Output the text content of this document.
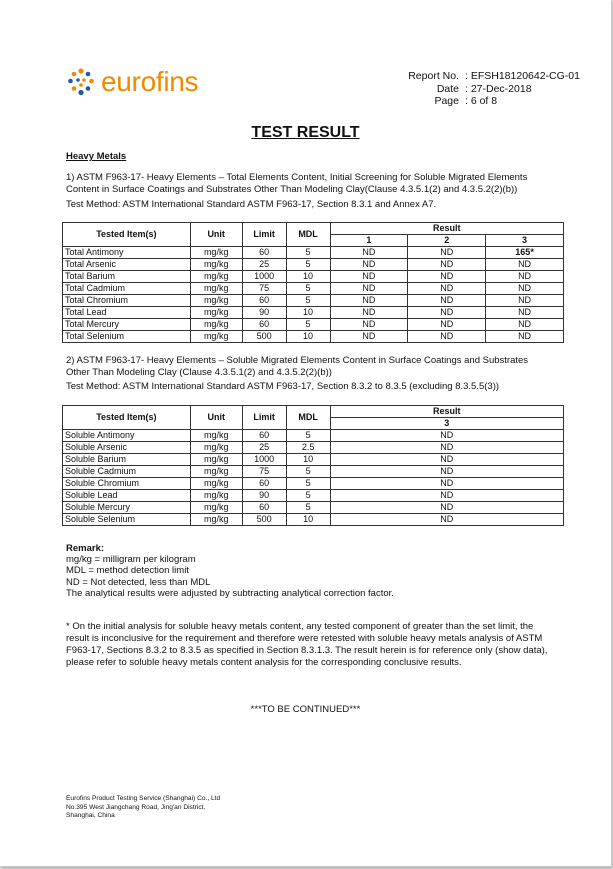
eurofins	Report No. : EFSH18120642-CG-01
Date : 27-Dec-2018
Page : 6 of 8
TEST RESULT
Heavy Metals
1) ASTM F963-17- Heavy Elements – Total Elements Content, Initial Screening for Soluble Migrated Elements
Content in Surface Coatings and Substrates Other Than Modeling Clay(Clause 4.3.5.1(2) and 4.3.5.2(2)(b))
Test Method: ASTM International Standard ASTM F963-17, Section 8.3.1 and Annex A7.
Tested Item(s)	Unit	Limit	MDL	Result		
				1	2	3
Total Antimony	mg/kg	60	5	ND	ND	165*
Total Arsenic	mg/kg	25	5	ND	ND	ND
Total Barium	mg/kg	1000	10	ND	ND	ND
Total Cadmium	mg/kg	75	5	ND	ND	ND
Total Chromium	mg/kg	60	5	ND	ND	ND
Total Lead	mg/kg	90	10	ND	ND	ND
Total Mercury	mg/kg	60	5	ND	ND	ND
Total Selenium	mg/kg	500	10	ND	ND	ND
2) ASTM F963-17- Heavy Elements – Soluble Migrated Elements Content in Surface Coatings and Substrates
Other Than Modeling Clay (Clause 4.3.5.1(2) and 4.3.5.2(2)(b))
Test Method: ASTM International Standard ASTM F963-17, Section 8.3.2 to 8.3.5 (excluding 8.3.5.5(3))
Tested Item(s)	Unit	Limit	MDL	Result
				3
Soluble Antimony	mg/kg	60	5	ND
Soluble Arsenic	mg/kg	25	2.5	ND
Soluble Barium	mg/kg	1000	10	ND
Soluble Cadmium	mg/kg	75	5	ND
Soluble Chromium	mg/kg	60	5	ND
Soluble Lead	mg/kg	90	5	ND
Soluble Mercury	mg/kg	60	5	ND
Soluble Selenium	mg/kg	500	10	ND
Remark:
mg/kg = milligram per kilogram
MDL = method detection limit
ND = Not detected, less than MDL
The analytical results were adjusted by subtracting analytical correction factor.
* On the initial analysis for soluble heavy metals content, any tested component of greater than the set limit, the
result is inconclusive for the requirement and therefore were retested with soluble heavy metals analysis of ASTM
F963-17, Sections 8.3.2 to 8.3.5 as specified in Section 8.3.1.3. The result herein is for reference only (show data),
please refer to soluble heavy metals content analysis for the corresponding conclusive results.
***TO BE CONTINUED***
Eurofins Product Testing Service (Shanghai) Co., Ltd
No.395 West Jiangchang Road, Jing'an District,
Shanghai, China
